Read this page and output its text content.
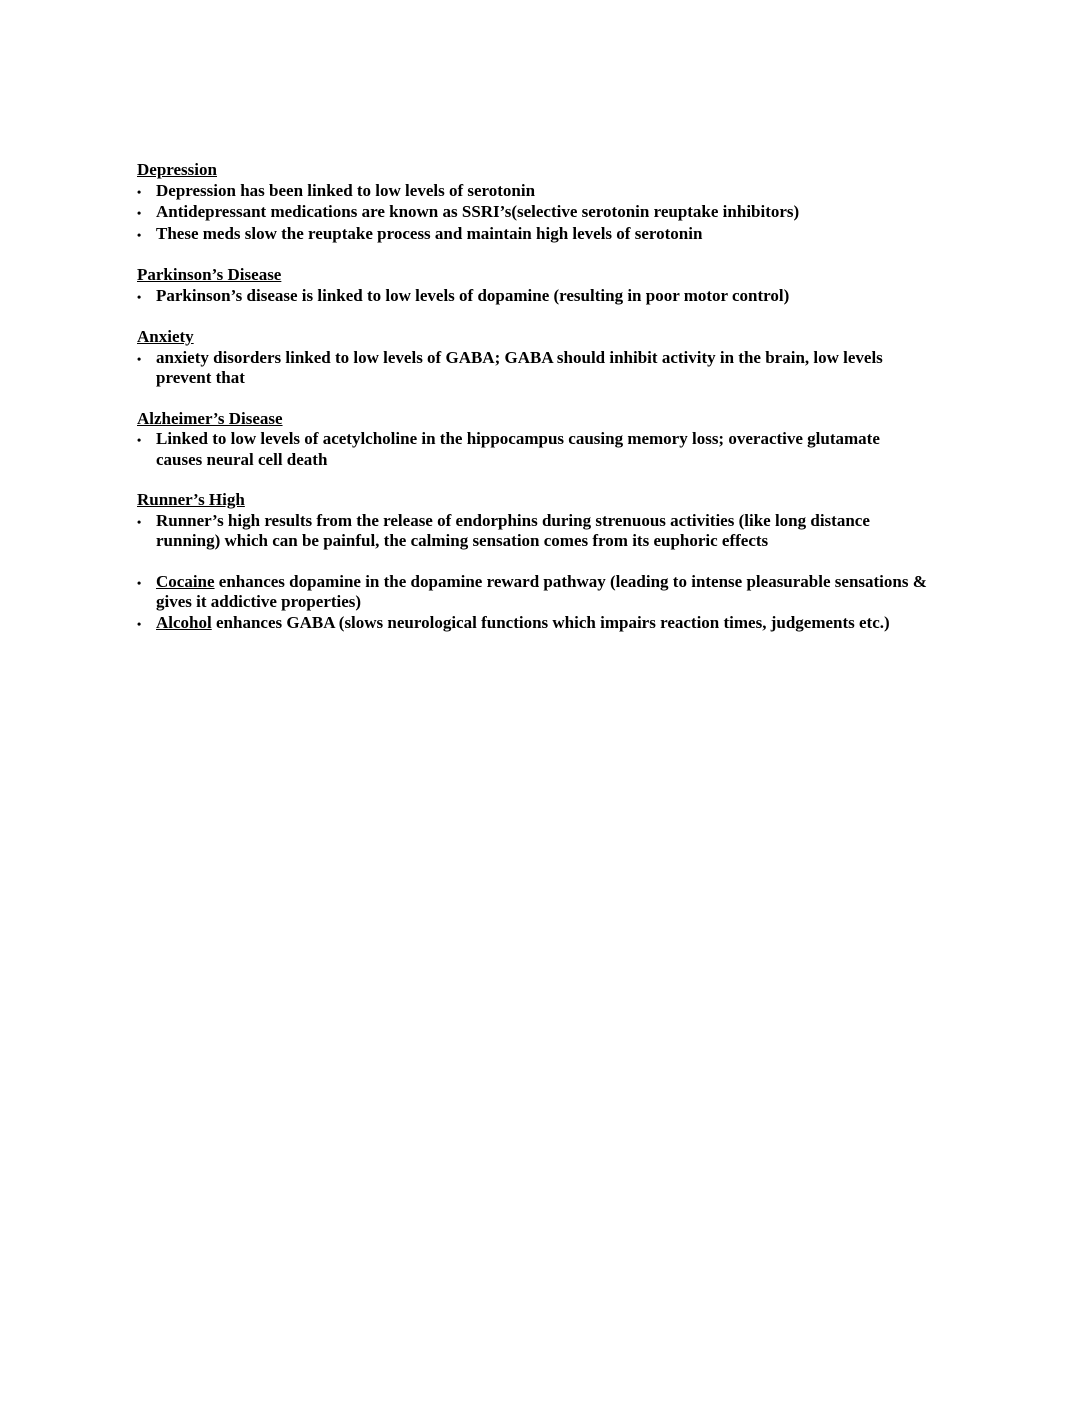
Depression
• Depression has been linked to low levels of serotonin
• Antidepressant medications are known as SSRI’s(selective serotonin reuptake inhibitors)
• These meds slow the reuptake process and maintain high levels of serotonin
Parkinson’s Disease
• Parkinson’s disease is linked to low levels of dopamine (resulting in poor motor control)
Anxiety
• anxiety disorders linked to low levels of GABA; GABA should inhibit activity in the brain, low levels prevent that
Alzheimer’s Disease
• Linked to low levels of acetylcholine in the hippocampus causing memory loss; overactive glutamate causes neural cell death
Runner’s High
• Runner’s high results from the release of endorphins during strenuous activities (like long distance running) which can be painful, the calming sensation comes from its euphoric effects
• Cocaine enhances dopamine in the dopamine reward pathway (leading to intense pleasurable sensations & gives it addictive properties)
• Alcohol enhances GABA (slows neurological functions which impairs reaction times, judgements etc.)
